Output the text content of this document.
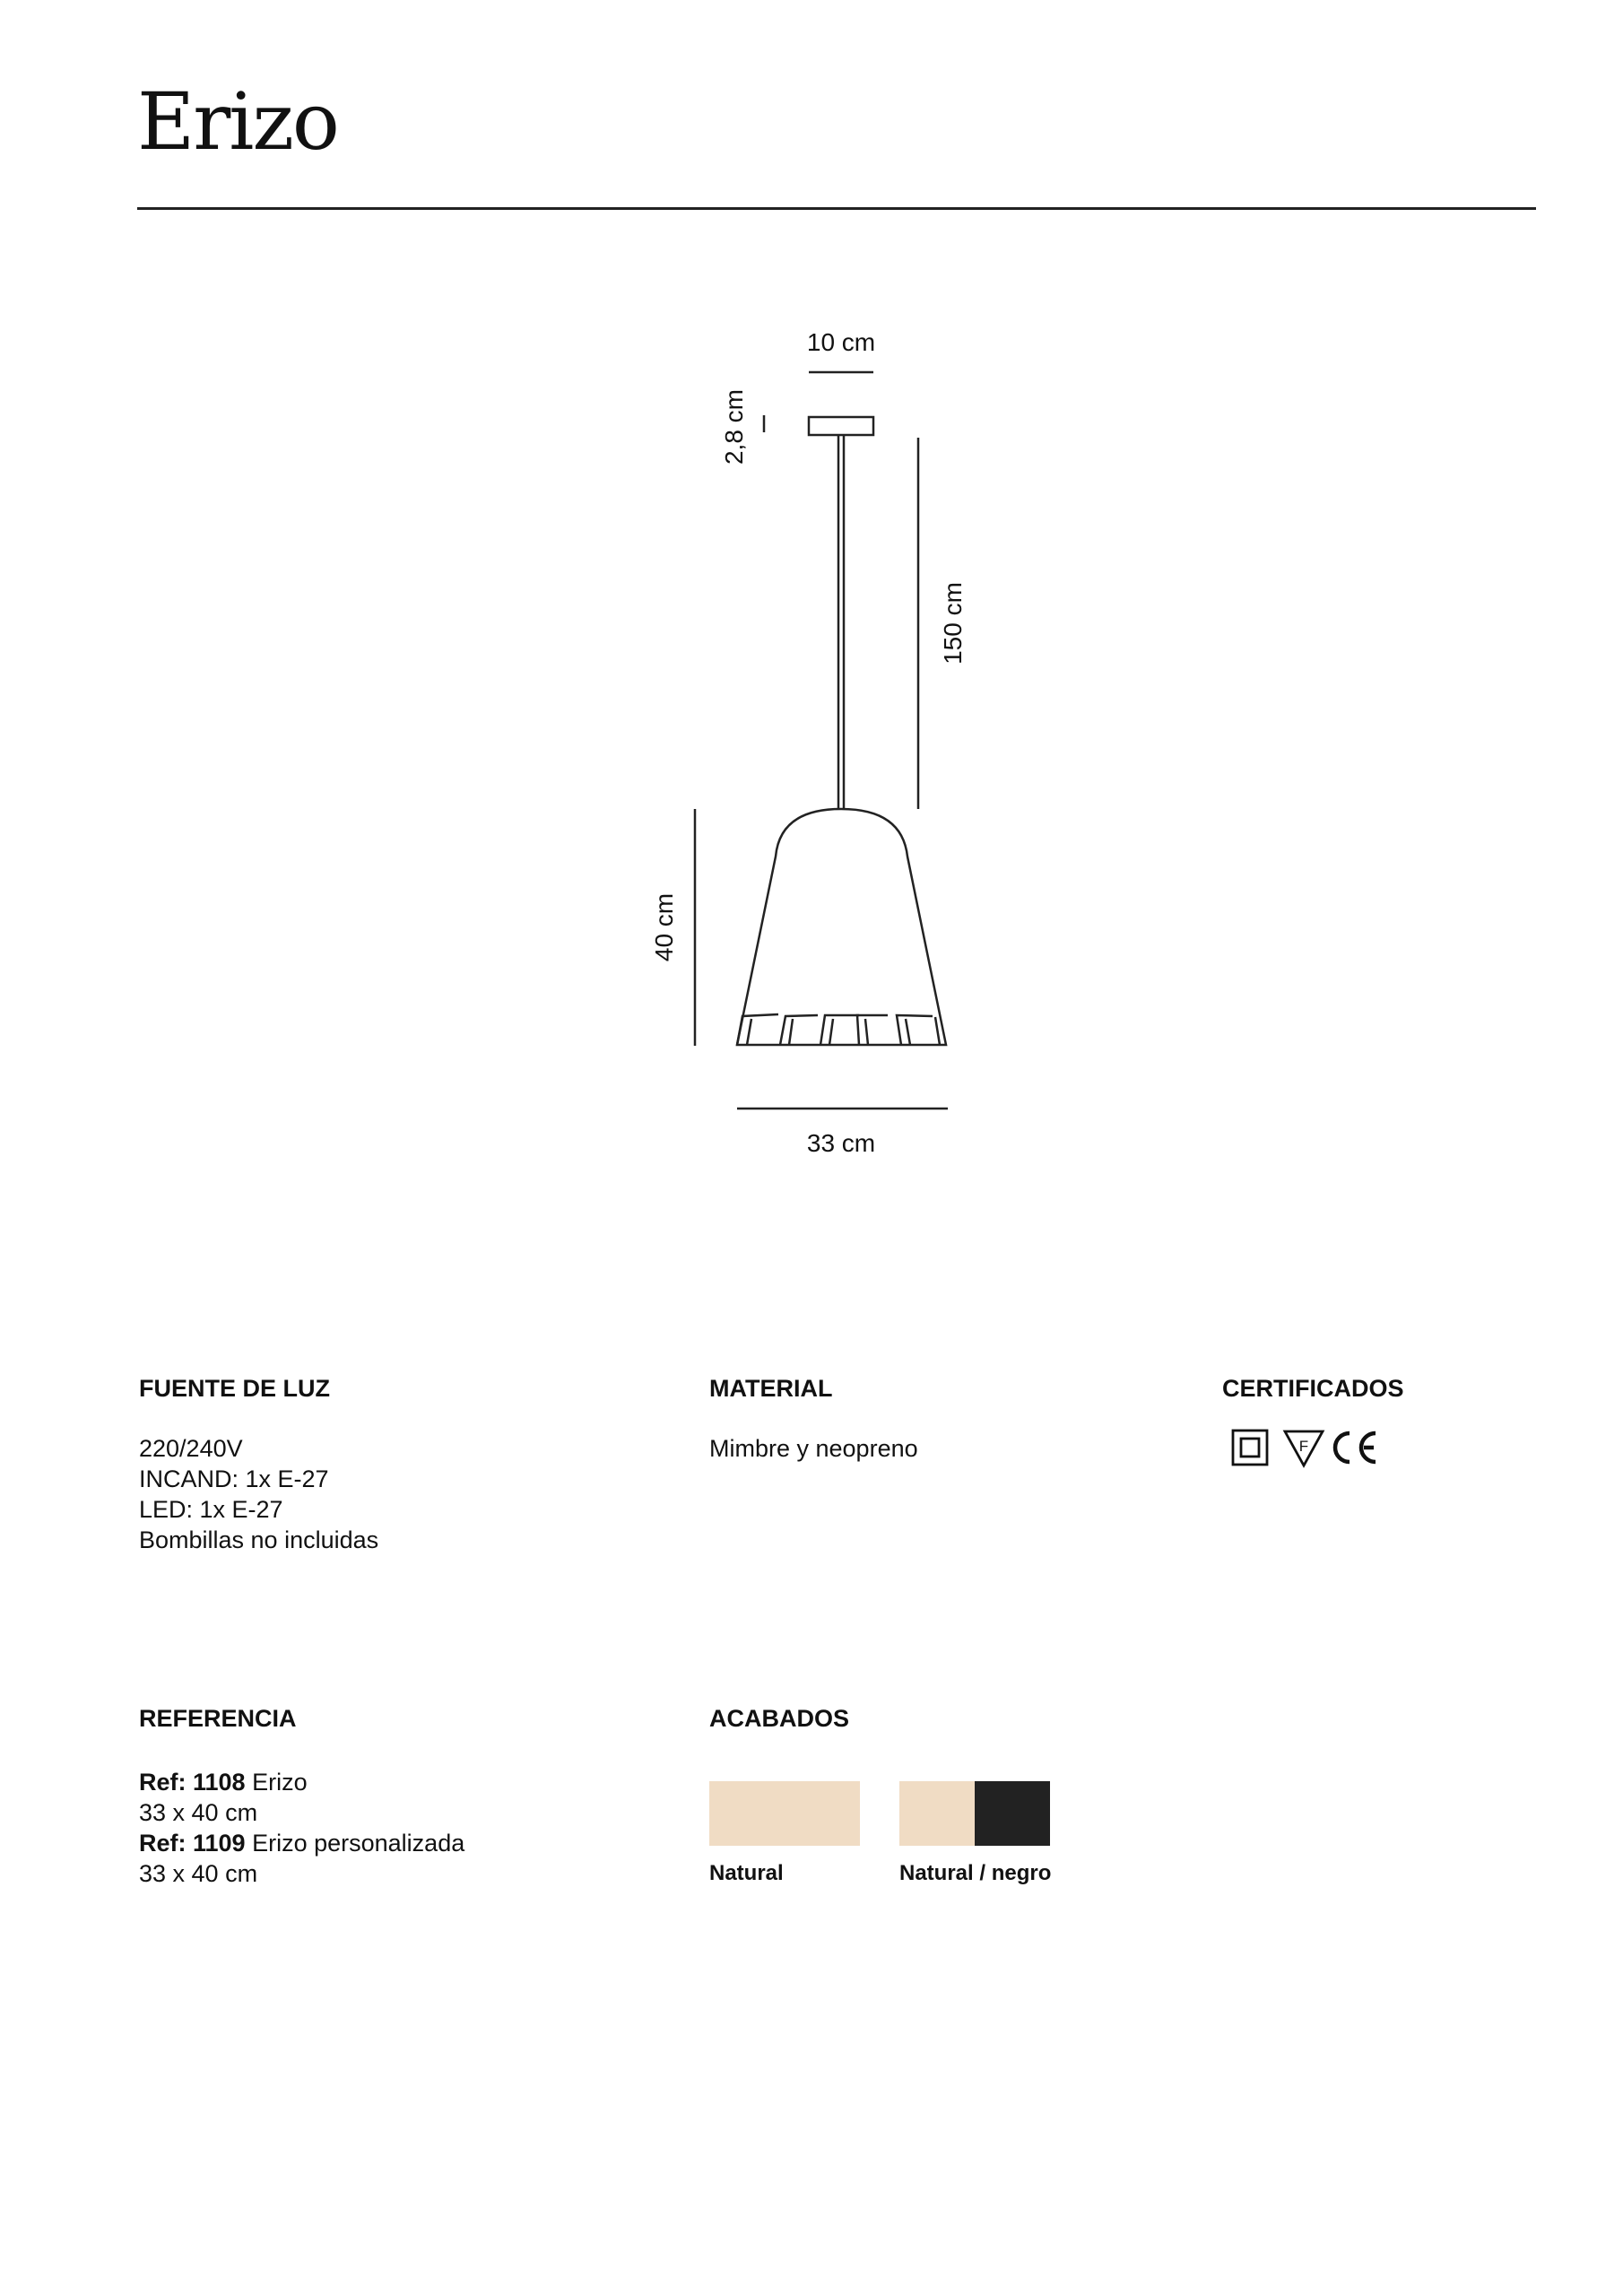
Erizo
10 cm
2,8 cm
150 cm
40 cm
33 cm
FUENTE DE LUZ
220/240V
INCAND: 1x E-27
LED: 1x E-27
Bombillas no incluidas
MATERIAL
Mimbre y neopreno
CERTIFICADOS
F
REFERENCIA
Ref: 1108 Erizo
33 x 40 cm
Ref: 1109 Erizo personalizada
33 x 40 cm
ACABADOS
Natural	Natural / negro
